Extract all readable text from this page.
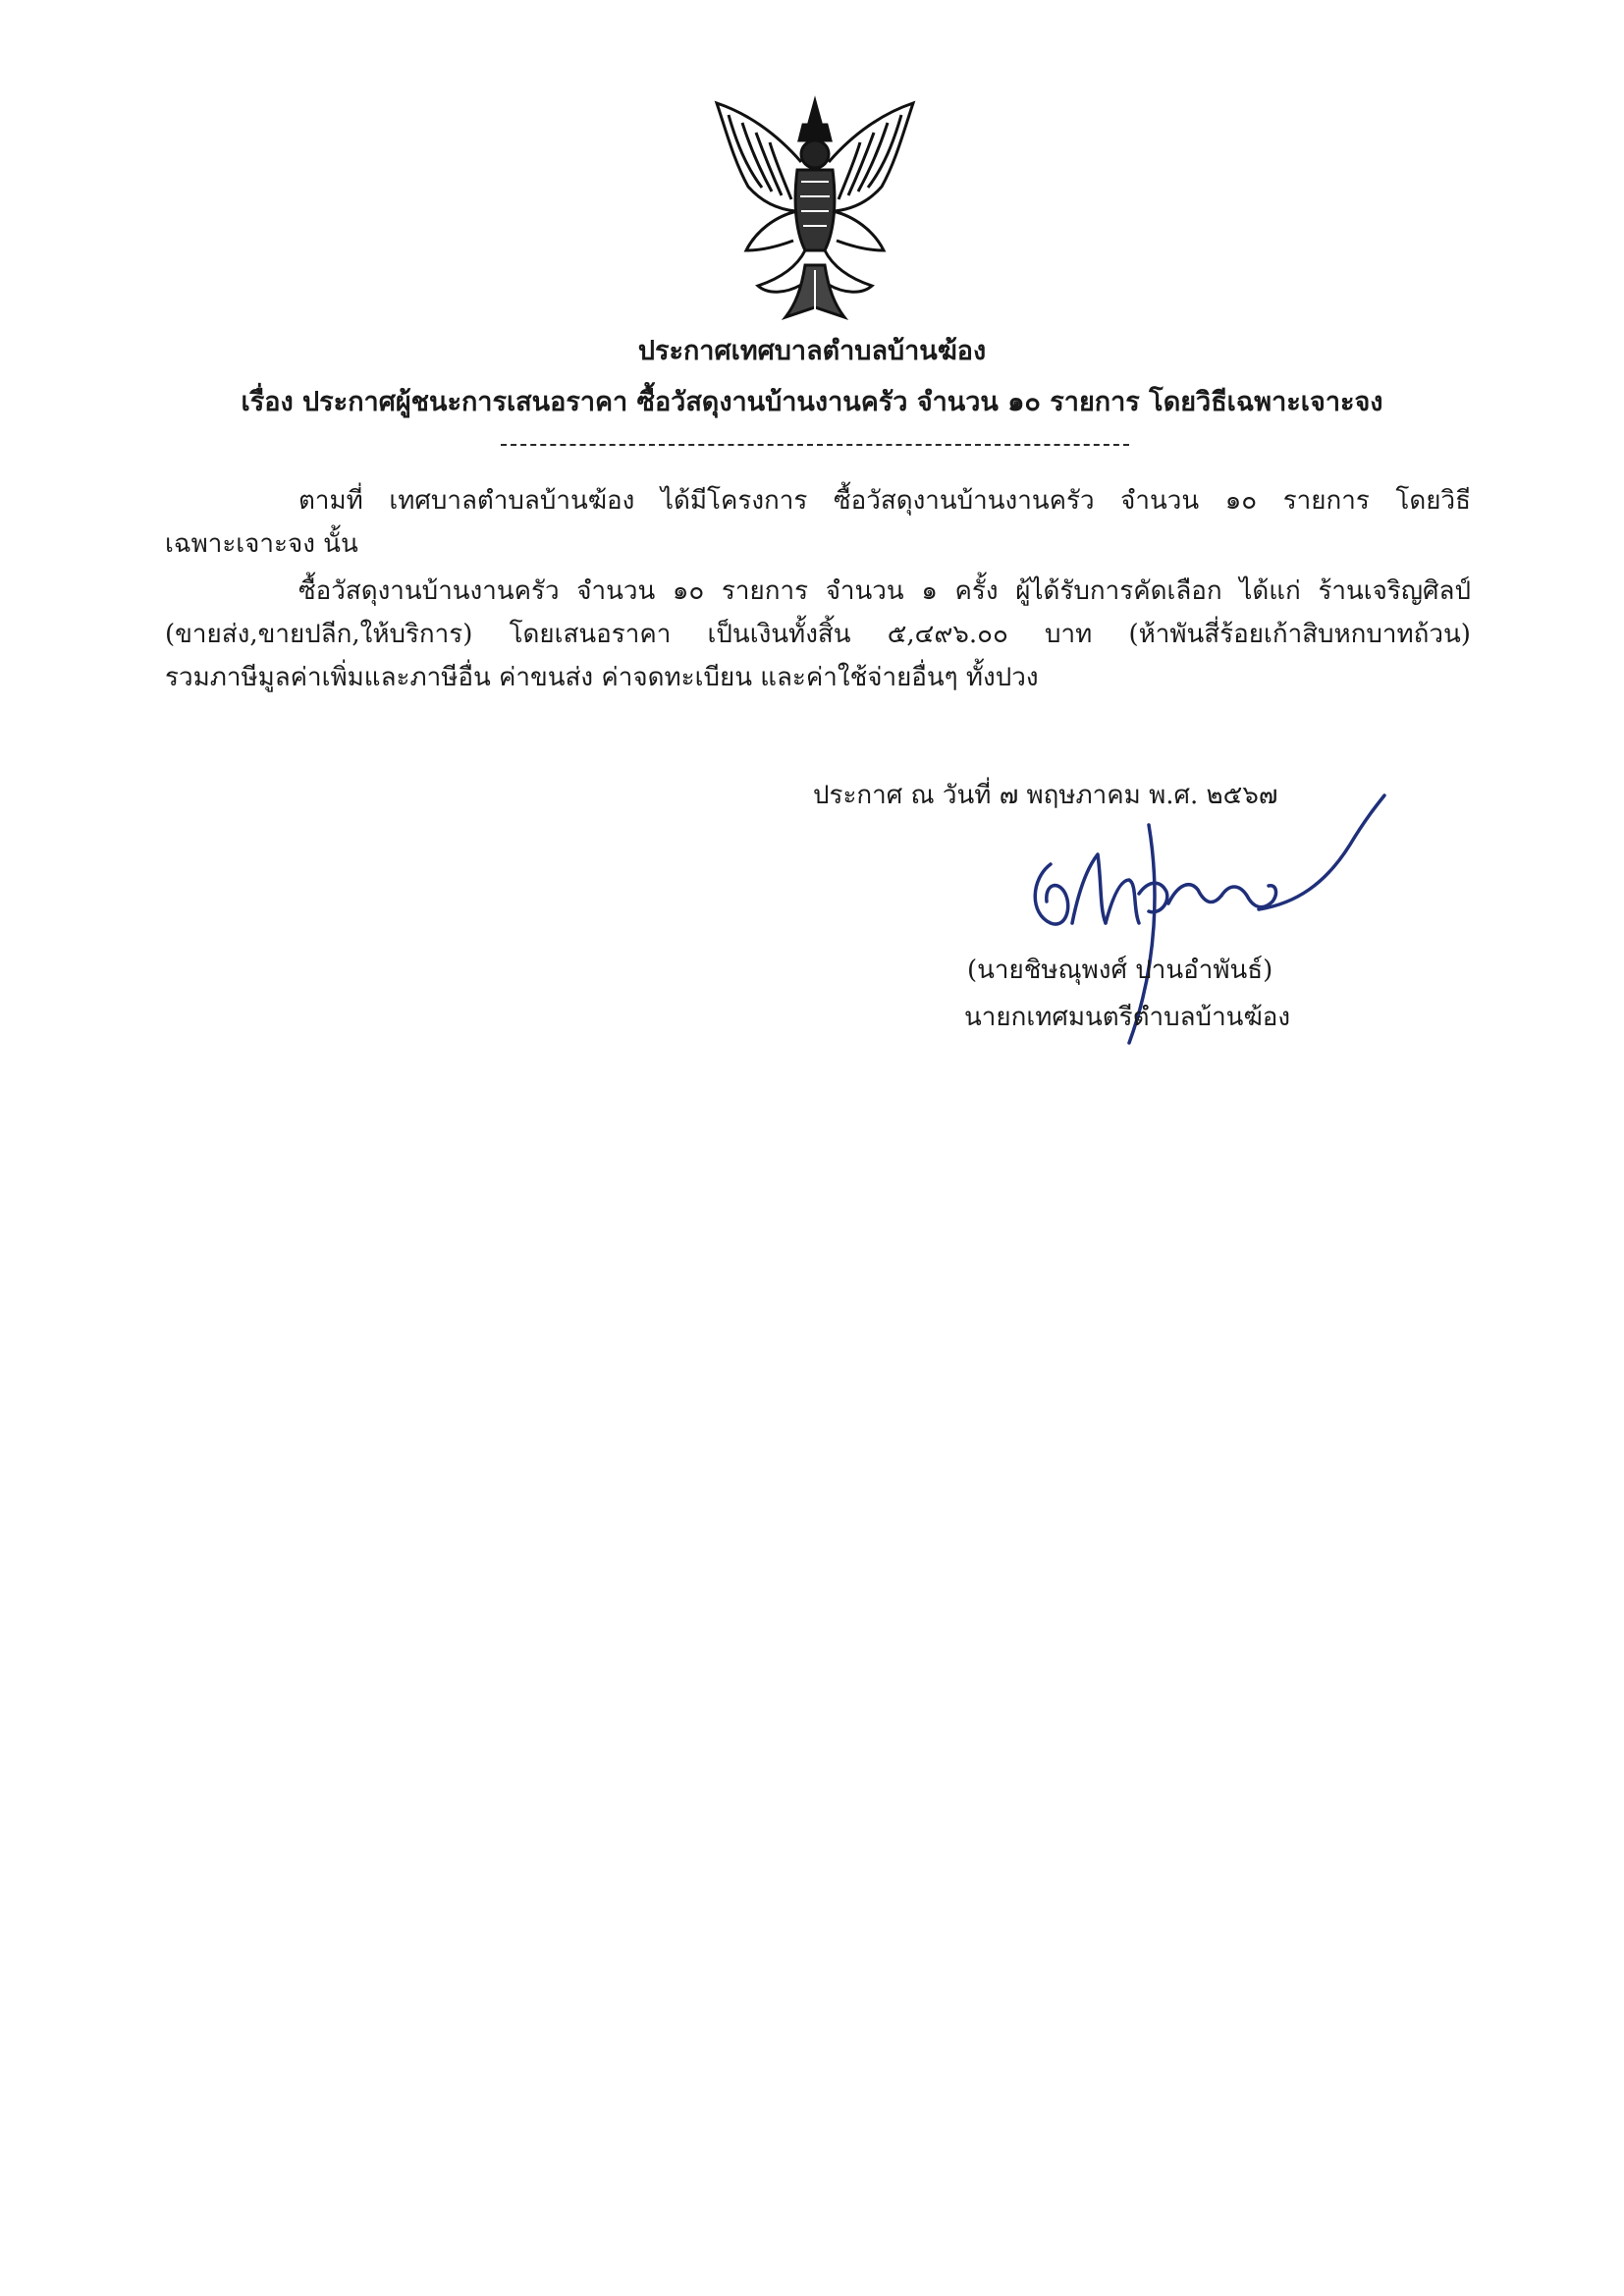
ประกาศเทศบาลตำบลบ้านฆ้อง
เรื่อง ประกาศผู้ชนะการเสนอราคา ซื้อวัสดุงานบ้านงานครัว จำนวน ๑๐ รายการ โดยวิธีเฉพาะเจาะจง
ตามที่ เทศบาลตำบลบ้านฆ้อง ได้มีโครงการ ซื้อวัสดุงานบ้านงานครัว จำนวน ๑๐ รายการ โดยวิธี
เฉพาะเจาะจง นั้น
ซื้อวัสดุงานบ้านงานครัว จำนวน ๑๐ รายการ จำนวน ๑ ครั้ง ผู้ได้รับการคัดเลือก ได้แก่ ร้านเจริญศิลป์
(ขายส่ง,ขายปลีก,ให้บริการ) โดยเสนอราคา เป็นเงินทั้งสิ้น ๕,๔๙๖.๐๐ บาท (ห้าพันสี่ร้อยเก้าสิบหกบาทถ้วน)
รวมภาษีมูลค่าเพิ่มและภาษีอื่น ค่าขนส่ง ค่าจดทะเบียน และค่าใช้จ่ายอื่นๆ ทั้งปวง
ประกาศ ณ วันที่ ๗ พฤษภาคม พ.ศ. ๒๕๖๗
(นายชิษณุพงศ์ ปานอำพันธ์)
นายกเทศมนตรีตำบลบ้านฆ้อง
